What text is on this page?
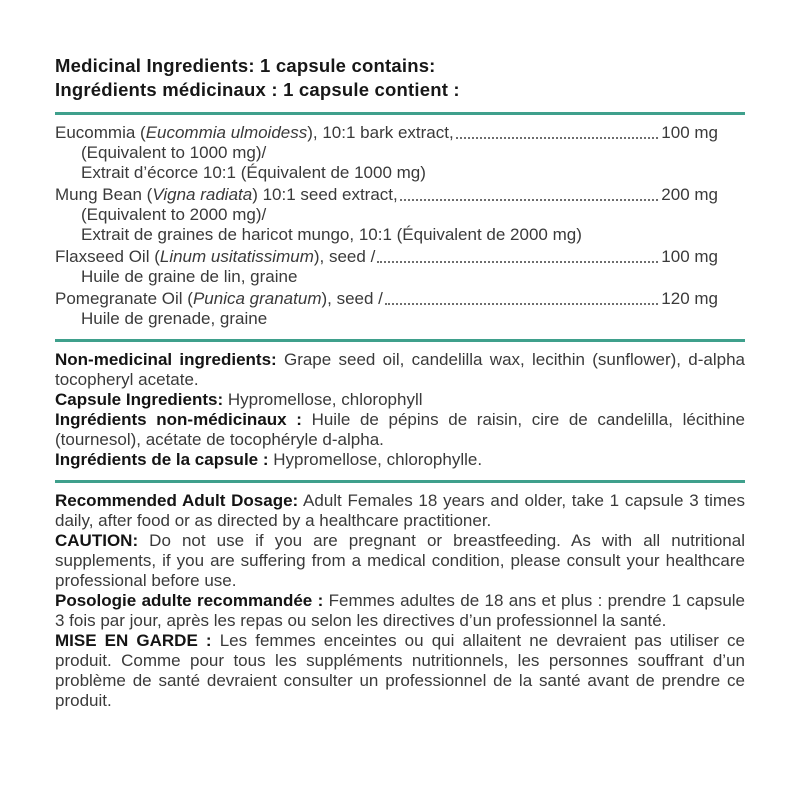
Medicinal Ingredients: 1 capsule contains:
Ingrédients médicinaux : 1 capsule contient :
Eucommia (Eucommia ulmoidess), 10:1 bark extract,	100 mg
(Equivalent to 1000 mg)/
Extrait d’écorce 10:1 (Équivalent de 1000 mg)
Mung Bean (Vigna radiata) 10:1 seed extract,	200 mg
(Equivalent to 2000 mg)/
Extrait de graines de haricot mungo, 10:1 (Équivalent de 2000 mg)
Flaxseed Oil (Linum usitatissimum), seed /	100 mg
Huile de graine de lin, graine
Pomegranate Oil (Punica granatum), seed /	120 mg
Huile de grenade, graine

Non-medicinal ingredients: Grape seed oil, candelilla wax, lecithin (sunflower), d-alpha tocopheryl acetate.

Capsule Ingredients: Hypromellose, chlorophyll

Ingrédients non-médicinaux : Huile de pépins de raisin, cire de candelilla, lécithine (tournesol), acétate de tocophéryle d-alpha.

Ingrédients de la capsule : Hypromellose, chlorophylle.

Recommended Adult Dosage: Adult Females 18 years and older, take 1 capsule 3 times daily, after food or as directed by a healthcare practitioner.

CAUTION: Do not use if you are pregnant or breastfeeding. As with all nutritional supplements, if you are suffering from a medical condition, please consult your healthcare professional before use.

Posologie adulte recommandée : Femmes adultes de 18 ans et plus : prendre 1 capsule 3 fois par jour, après les repas ou selon les directives d’un professionnel la santé.

MISE EN GARDE : Les femmes enceintes ou qui allaitent ne devraient pas utiliser ce produit. Comme pour tous les suppléments nutritionnels, les personnes souffrant d’un problème de santé devraient consulter un professionnel de la santé avant de prendre ce produit.
